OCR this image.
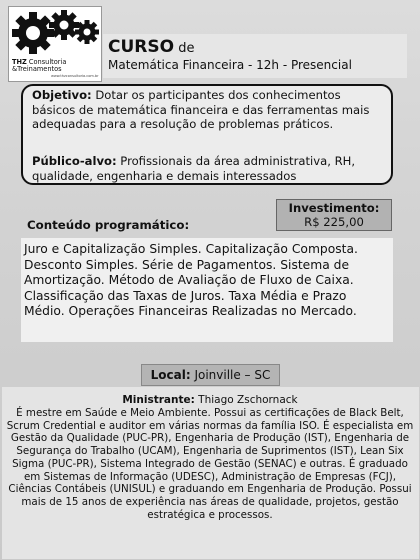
THZ Consultoria
&Treinamentos
www.thzconsultoria.com.br
CURSO de
Matemática Financeira - 12h - Presencial
Objetivo: Dotar os participantes dos conhecimentos básicos de matemática financeira e das ferramentas mais adequadas para a resolução de problemas práticos.
Público-alvo: Profissionais da área administrativa, RH, qualidade, engenharia e demais interessados
Investimento:
R$ 225,00
Conteúdo programático:
Juro e Capitalização Simples. Capitalização Composta. Desconto Simples. Série de Pagamentos. Sistema de Amortização. Método de Avaliação de Fluxo de Caixa. Classificação das Taxas de Juros. Taxa Média e Prazo Médio. Operações Financeiras Realizadas no Mercado.
Local: Joinville – SC
Ministrante: Thiago Zschornack
É mestre em Saúde e Meio Ambiente. Possui as certificações de Black Belt, Scrum Credential e auditor em várias normas da família ISO. É especialista em Gestão da Qualidade (PUC-PR), Engenharia de Produção (IST), Engenharia de Segurança do Trabalho (UCAM), Engenharia de Suprimentos (IST), Lean Six Sigma (PUC-PR), Sistema Integrado de Gestão (SENAC) e outras. É graduado em Sistemas de Informação (UDESC), Administração de Empresas (FCJ), Ciências Contábeis (UNISUL) e graduando em Engenharia de Produção. Possui mais de 15 anos de experiência nas áreas de qualidade, projetos, gestão estratégica e processos.
